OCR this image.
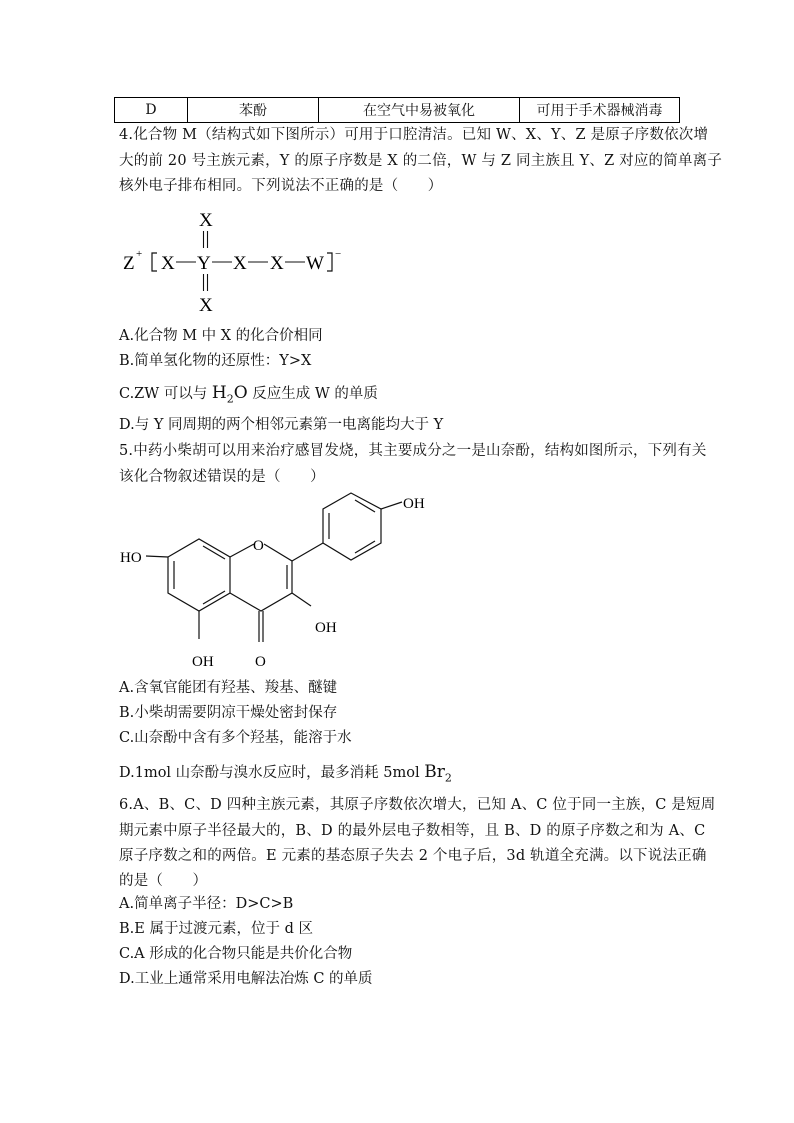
D	苯酚	在空气中易被氧化	可用于手术器械消毒
4.化合物 M（结构式如下图所示）可用于口腔清洁。已知 W、X、Y、Z 是原子序数依次增
大的前 20 号主族元素，Y 的原子序数是 X 的二倍，W 与 Z 同主族且 Y、Z 对应的简单离子
核外电子排布相同。下列说法不正确的是（　　）
Z + X Y X X W −
X
X
A.化合物 M 中 X 的化合价相同
B.简单氢化物的还原性：Y>X
C.ZW 可以与 $H_2O$ 反应生成 W 的单质
D.与 Y 同周期的两个相邻元素第一电离能均大于 Y
5.中药小柴胡可以用来治疗感冒发烧，其主要成分之一是山奈酚，结构如图所示，下列有关
该化合物叙述错误的是（　　）
OH
HO
O
OH
OH	O
A.含氧官能团有羟基、羧基、醚键
B.小柴胡需要阴凉干燥处密封保存
C.山奈酚中含有多个羟基，能溶于水
D.1mol 山奈酚与溴水反应时，最多消耗 5mol $Br_2$
6.A、B、C、D 四种主族元素，其原子序数依次增大，已知 A、C 位于同一主族，C 是短周
期元素中原子半径最大的，B、D 的最外层电子数相等，且 B、D 的原子序数之和为 A、C
原子序数之和的两倍。E 元素的基态原子失去 2 个电子后，3d 轨道全充满。以下说法正确
的是（　　）
A.简单离子半径：D>C>B
B.E 属于过渡元素，位于 d 区
C.A 形成的化合物只能是共价化合物
D.工业上通常采用电解法冶炼 C 的单质
